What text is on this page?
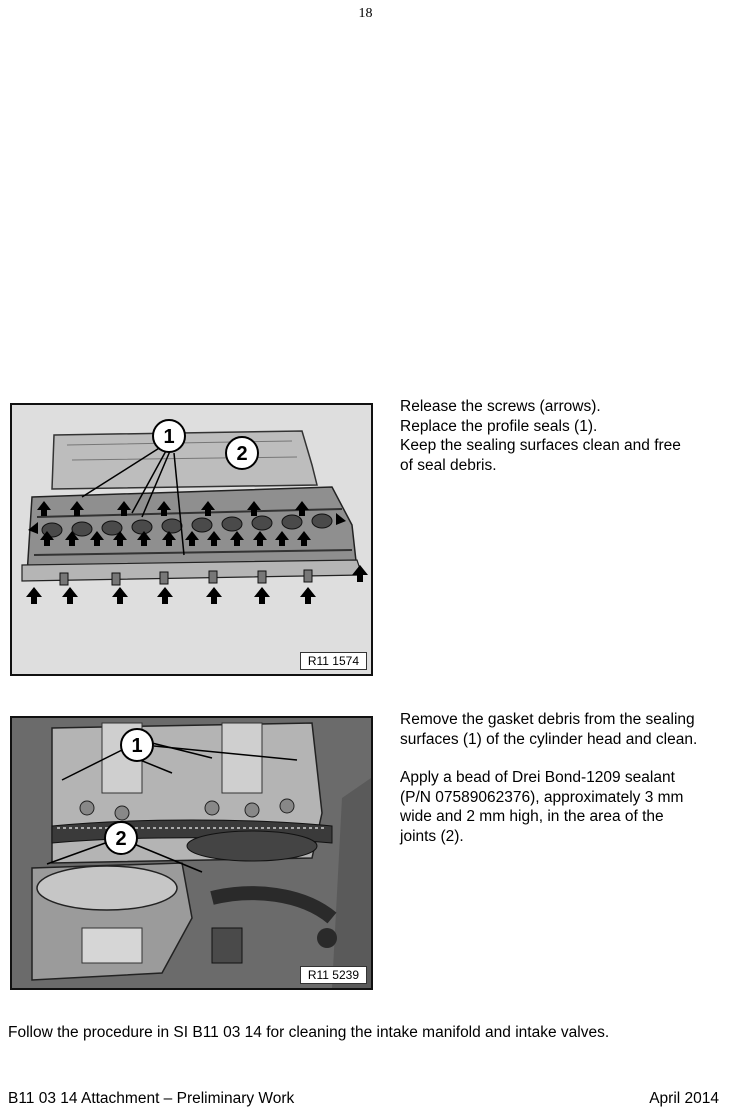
18
1
2
R11 1574

Release the screws (arrows).

Replace the profile seals (1).

Keep the sealing surfaces clean and free

of seal debris.

1
2
R11 5239

Remove the gasket debris from the sealing

surfaces (1) of the cylinder head and clean.

Apply a bead of Drei Bond-1209 sealant

(P/N 07589062376), approximately 3 mm

wide and 2 mm high, in the area of the

joints (2).

Follow the procedure in SI B11 03 14 for cleaning the intake manifold and intake valves.
B11 03 14 Attachment – Preliminary Work	April 2014
